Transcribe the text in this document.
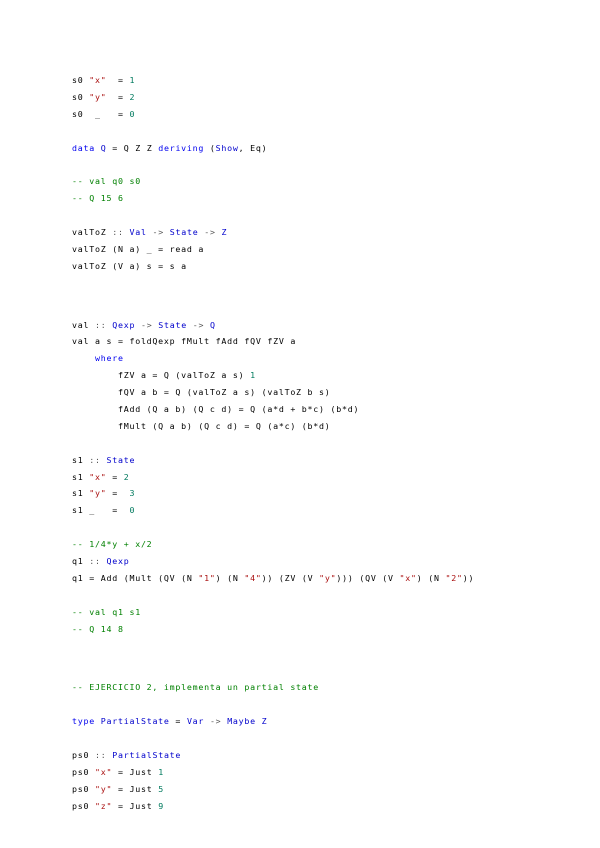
s0 "x"  = 1
s0 "y"  = 2
s0  _   = 0
data Q = Q Z Z deriving (Show, Eq)
-- val q0 s0
-- Q 15 6
valToZ :: Val -> State -> Z
valToZ (N a) _ = read a
valToZ (V a) s = s a
val :: Qexp -> State -> Q
val a s = foldQexp fMult fAdd fQV fZV a
where
fZV a = Q (valToZ a s) 1
fQV a b = Q (valToZ a s) (valToZ b s)
fAdd (Q a b) (Q c d) = Q (a*d + b*c) (b*d)
fMult (Q a b) (Q c d) = Q (a*c) (b*d)
s1 :: State
s1 "x" = 2
s1 "y" =  3
s1 _   =  0
-- 1/4*y + x/2
q1 :: Qexp
q1 = Add (Mult (QV (N "1") (N "4")) (ZV (V "y"))) (QV (V "x") (N "2"))
-- val q1 s1
-- Q 14 8
-- EJERCICIO 2, implementa un partial state
type PartialState = Var -> Maybe Z
ps0 :: PartialState
ps0 "x" = Just 1
ps0 "y" = Just 5
ps0 "z" = Just 9
